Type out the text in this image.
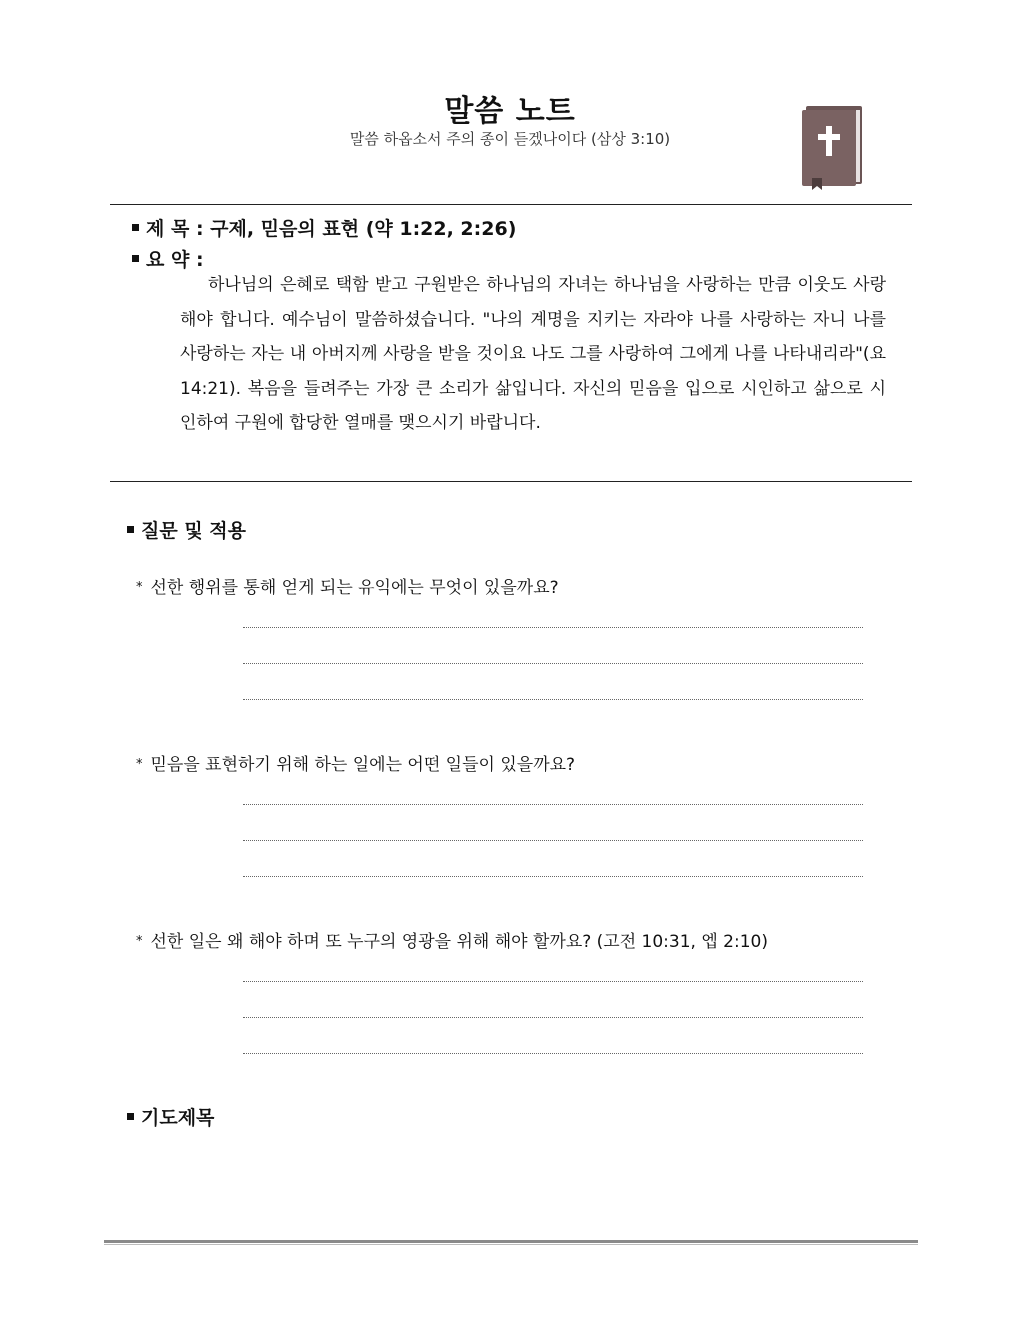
말씀 노트
말씀 하옵소서 주의 종이 듣겠나이다 (삼상 3:10)
제 목 : 구제, 믿음의 표현 (약 1:22, 2:26)
요 약 :
하나님의 은혜로 택함 받고 구원받은 하나님의 자녀는 하나님을 사랑하는 만큼 이웃도 사랑해야 합니다. 예수님이 말씀하셨습니다. "나의 계명을 지키는 자라야 나를 사랑하는 자니 나를 사랑하는 자는 내 아버지께 사랑을 받을 것이요 나도 그를 사랑하여 그에게 나를 나타내리라"(요 14:21). 복음을 들려주는 가장 큰 소리가 삶입니다. 자신의 믿음을 입으로 시인하고 삶으로 시인하여 구원에 합당한 열매를 맺으시기 바랍니다.
질문 및 적용
* 선한 행위를 통해 얻게 되는 유익에는 무엇이 있을까요?
* 믿음을 표현하기 위해 하는 일에는 어떤 일들이 있을까요?
* 선한 일은 왜 해야 하며 또 누구의 영광을 위해 해야 할까요? (고전 10:31, 엡 2:10)
기도제목
